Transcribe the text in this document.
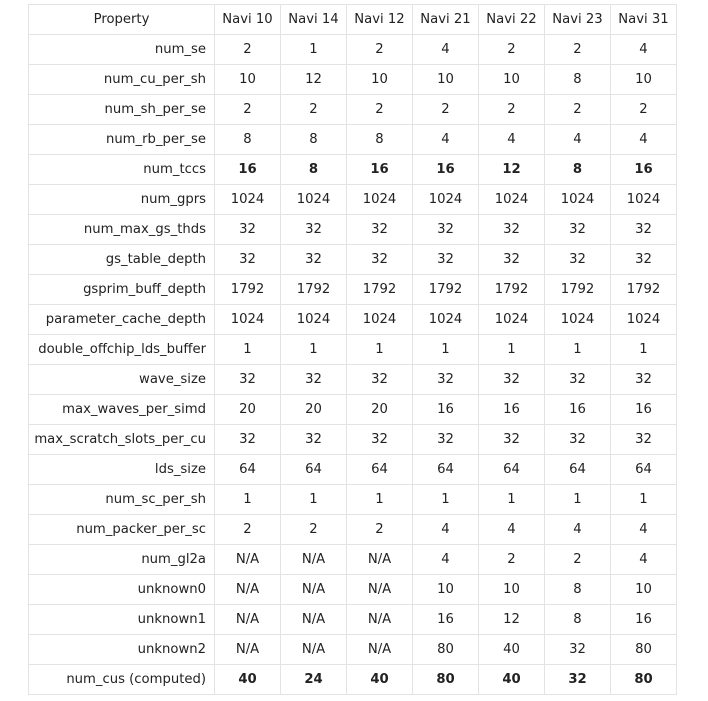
Property	Navi 10	Navi 14	Navi 12	Navi 21	Navi 22	Navi 23	Navi 31
num_se	2	1	2	4	2	2	4
num_cu_per_sh	10	12	10	10	10	8	10
num_sh_per_se	2	2	2	2	2	2	2
num_rb_per_se	8	8	8	4	4	4	4
num_tccs	16	8	16	16	12	8	16
num_gprs	1024	1024	1024	1024	1024	1024	1024
num_max_gs_thds	32	32	32	32	32	32	32
gs_table_depth	32	32	32	32	32	32	32
gsprim_buff_depth	1792	1792	1792	1792	1792	1792	1792
parameter_cache_depth	1024	1024	1024	1024	1024	1024	1024
double_offchip_lds_buffer	1	1	1	1	1	1	1
wave_size	32	32	32	32	32	32	32
max_waves_per_simd	20	20	20	16	16	16	16
max_scratch_slots_per_cu	32	32	32	32	32	32	32
lds_size	64	64	64	64	64	64	64
num_sc_per_sh	1	1	1	1	1	1	1
num_packer_per_sc	2	2	2	4	4	4	4
num_gl2a	N/A	N/A	N/A	4	2	2	4
unknown0	N/A	N/A	N/A	10	10	8	10
unknown1	N/A	N/A	N/A	16	12	8	16
unknown2	N/A	N/A	N/A	80	40	32	80
num_cus (computed)	40	24	40	80	40	32	80
